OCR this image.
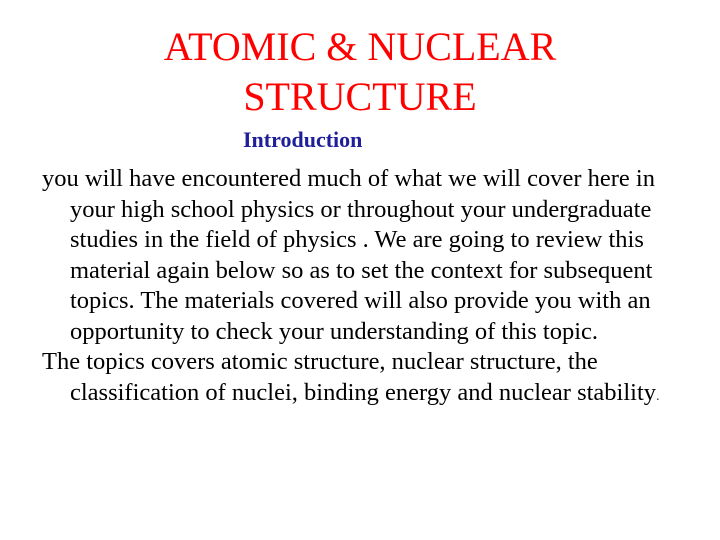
ATOMIC & NUCLEAR
STRUCTURE
Introduction

you will have encountered much of what we will cover here in your high school physics or throughout your undergraduate studies in the field of physics . We are going to review this material again below so as to set the context for subsequent topics. The materials covered will also provide you with an opportunity to check your understanding of this topic.

The topics covers atomic structure, nuclear structure, the classification of nuclei, binding energy and nuclear stability.
